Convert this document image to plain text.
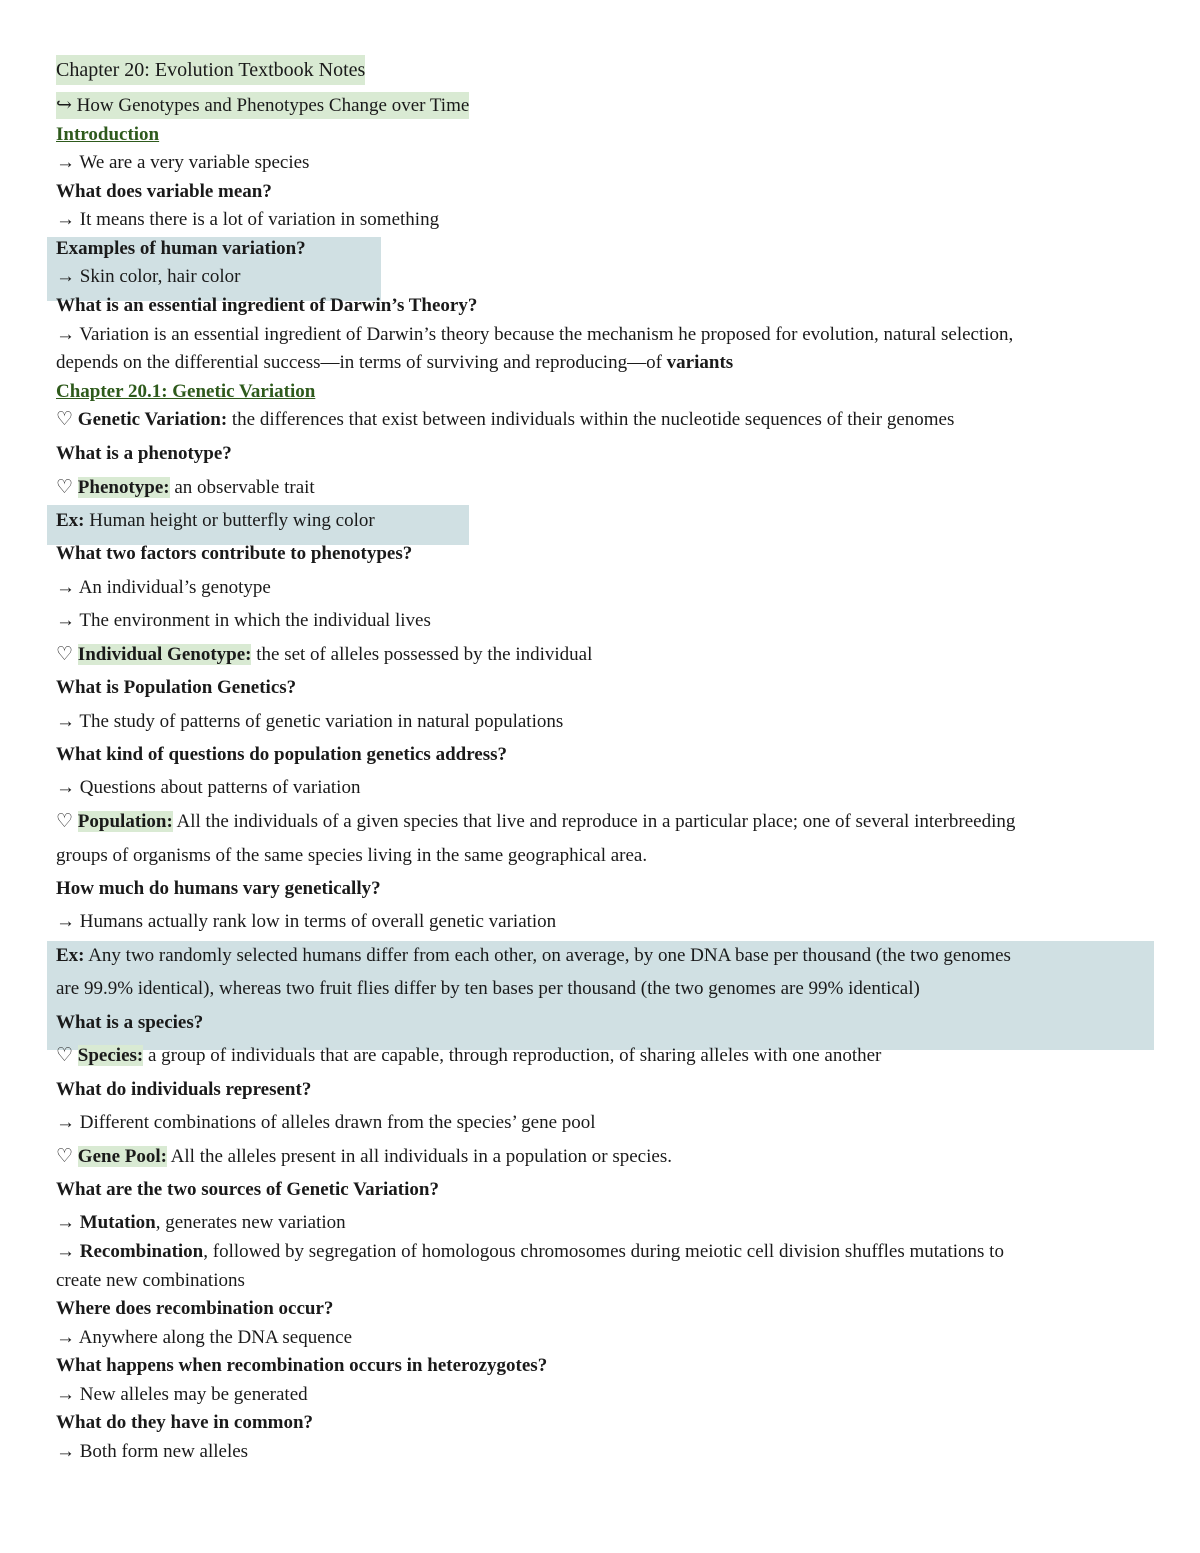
Chapter 20: Evolution Textbook Notes
↪ How Genotypes and Phenotypes Change over Time
Introduction
→ We are a very variable species
What does variable mean?
→ It means there is a lot of variation in something
Examples of human variation?
→ Skin color, hair color
What is an essential ingredient of Darwin’s Theory?
→ Variation is an essential ingredient of Darwin’s theory because the mechanism he proposed for evolution, natural selection,
depends on the differential success—in terms of surviving and reproducing—of variants
Chapter 20.1: Genetic Variation
♡ Genetic Variation: the differences that exist between individuals within the nucleotide sequences of their genomes
What is a phenotype?
♡ Phenotype: an observable trait
Ex: Human height or butterfly wing color
What two factors contribute to phenotypes?
→ An individual’s genotype
→ The environment in which the individual lives
♡ Individual Genotype: the set of alleles possessed by the individual
What is Population Genetics?
→ The study of patterns of genetic variation in natural populations
What kind of questions do population genetics address?
→ Questions about patterns of variation
♡ Population: All the individuals of a given species that live and reproduce in a particular place; one of several interbreeding
groups of organisms of the same species living in the same geographical area.
How much do humans vary genetically?
→ Humans actually rank low in terms of overall genetic variation
Ex: Any two randomly selected humans differ from each other, on average, by one DNA base per thousand (the two genomes
are 99.9% identical), whereas two fruit flies differ by ten bases per thousand (the two genomes are 99% identical)
What is a species?
♡ Species: a group of individuals that are capable, through reproduction, of sharing alleles with one another
What do individuals represent?
→ Different combinations of alleles drawn from the species’ gene pool
♡ Gene Pool: All the alleles present in all individuals in a population or species.
What are the two sources of Genetic Variation?
→ Mutation, generates new variation
→ Recombination, followed by segregation of homologous chromosomes during meiotic cell division shuffles mutations to
create new combinations
Where does recombination occur?
→ Anywhere along the DNA sequence
What happens when recombination occurs in heterozygotes?
→ New alleles may be generated
What do they have in common?
→ Both form new alleles
